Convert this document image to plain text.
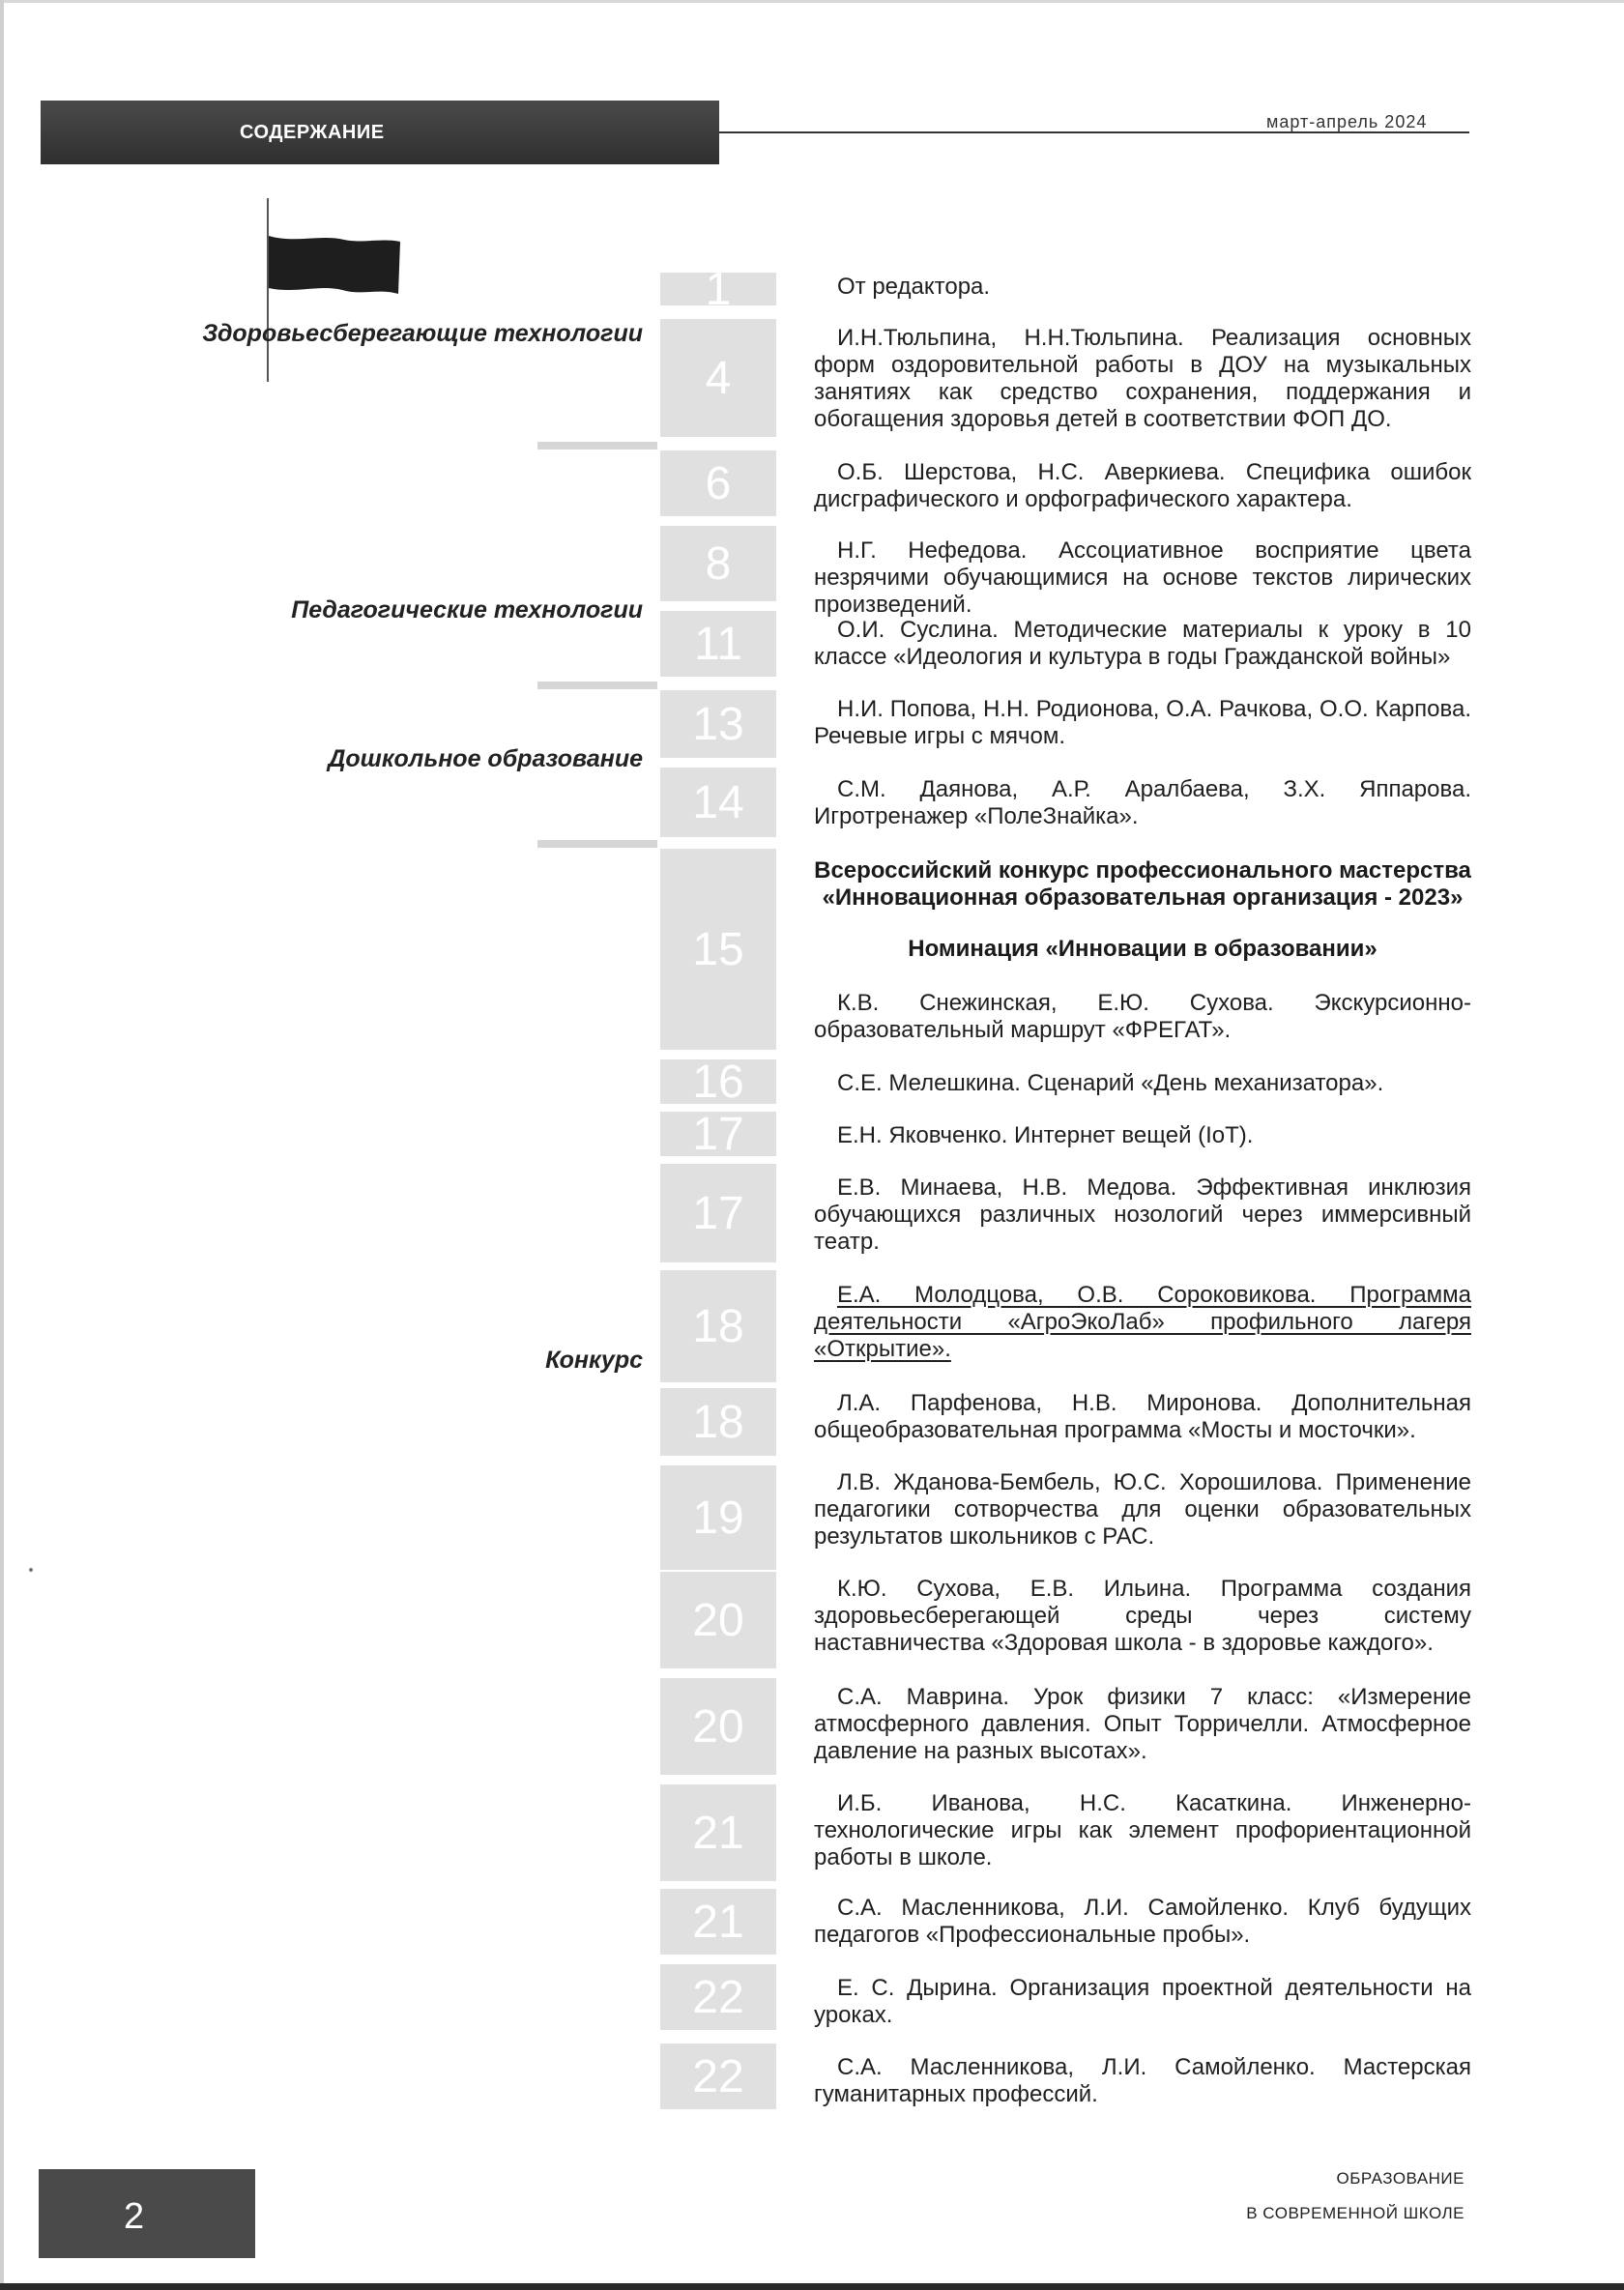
СОДЕРЖАНИЕ	март-апрель 2024
Здоровьесберегающие технологии
Педагогические технологии
Дошкольное образование
Конкурс
1
4
6
8
11
13
14
15
16
17
17
18
18
19
20
20
21
21
22
22
От редактора.
И.Н.Тюльпина, Н.Н.Тюльпина. Реализация основных форм оздоровительной работы в ДОУ на музыкальных занятиях как средство сохранения, поддержания и обогащения здоровья детей в соответствии ФОП ДО.
О.Б. Шерстова, Н.С. Аверкиева. Специфика ошибок дисграфического и орфографического характера.
Н.Г. Нефедова. Ассоциативное восприятие цвета незрячими обучающимися на основе текстов лирических произведений.
О.И. Суслина. Методические материалы к уроку в 10 классе «Идеология и культура в годы Гражданской войны»
Н.И. Попова, Н.Н. Родионова, О.А. Рачкова, О.О. Карпова. Речевые игры с мячом.
С.М. Даянова, А.Р. Аралбаева, З.Х. Яппарова. Игротренажер «ПолеЗнайка».
Всероссийский конкурс профессионального мастерства «Инновационная образовательная организация - 2023»
Номинация «Инновации в образовании»
К.В. Снежинская, Е.Ю. Сухова. Экскурсионно-образовательный маршрут «ФРЕГАТ».
С.Е. Мелешкина. Сценарий «День механизатора».
Е.Н. Яковченко. Интернет вещей (IoT).
Е.В. Минаева, Н.В. Медова. Эффективная инклюзия обучающихся различных нозологий через иммерсивный театр.
Е.А. Молодцова, О.В. Сороковикова. Программа деятельности «АгроЭкоЛаб» профильного лагеря «Открытие».
Л.А. Парфенова, Н.В. Миронова. Дополнительная общеобразовательная программа «Мосты и мосточки».
Л.В. Жданова-Бембель, Ю.С. Хорошилова. Применение педагогики сотворчества для оценки образовательных результатов школьников с РАС.
К.Ю. Сухова, Е.В. Ильина. Программа создания здоровьесберегающей среды через систему наставничества «Здоровая школа - в здоровье каждого».
С.А. Маврина. Урок физики 7 класс: «Измерение атмосферного давления. Опыт Торричелли. Атмосферное давление на разных высотах».
И.Б. Иванова, Н.С. Касаткина. Инженерно-технологические игры как элемент профориентационной работы в школе.
С.А. Масленникова, Л.И. Самойленко. Клуб будущих педагогов «Профессиональные пробы».
Е. С. Дырина. Организация проектной деятельности на уроках.
С.А. Масленникова, Л.И. Самойленко. Мастерская гуманитарных профессий.
2
ОБРАЗОВАНИЕ
В СОВРЕМЕННОЙ ШКОЛЕ
